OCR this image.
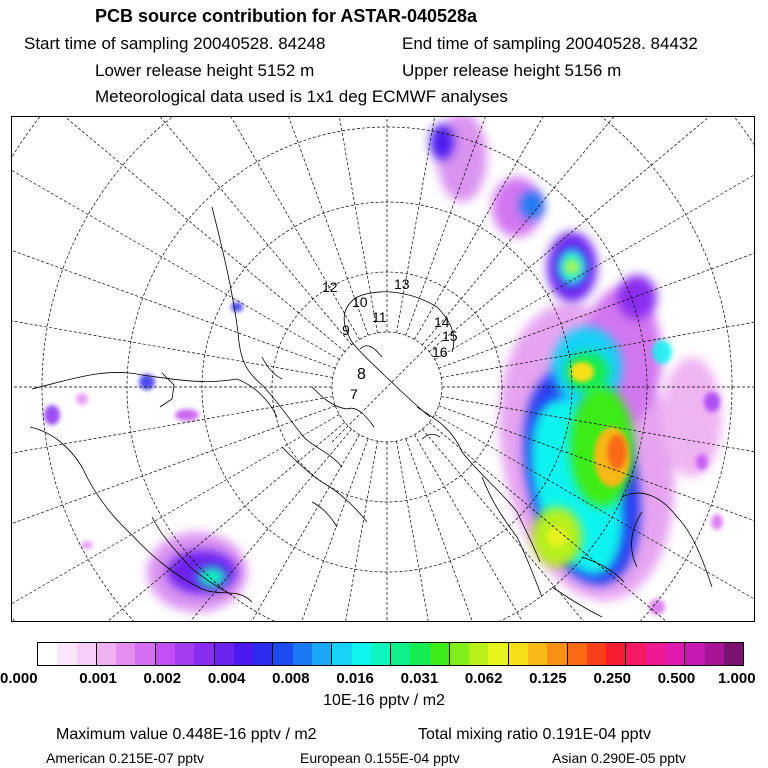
PCB source contribution for ASTAR-040528a
Start time of sampling 20040528. 84248	End time of sampling 20040528. 84432
Lower release height 5152 m	Upper release height 5156 m
Meteorological data used is 1x1 deg ECMWF analyses
12
10
11
13
14
15
16
9
8
7
0.000	0.001 0.002 0.004 0.008 0.016 0.031 0.062 0.125 0.250 0.500 1.000
10E-16 pptv / m2
Maximum value 0.448E-16 pptv / m2	Total mixing ratio 0.191E-04 pptv
American 0.215E-07 pptv	European 0.155E-04 pptv	Asian 0.290E-05 pptv
